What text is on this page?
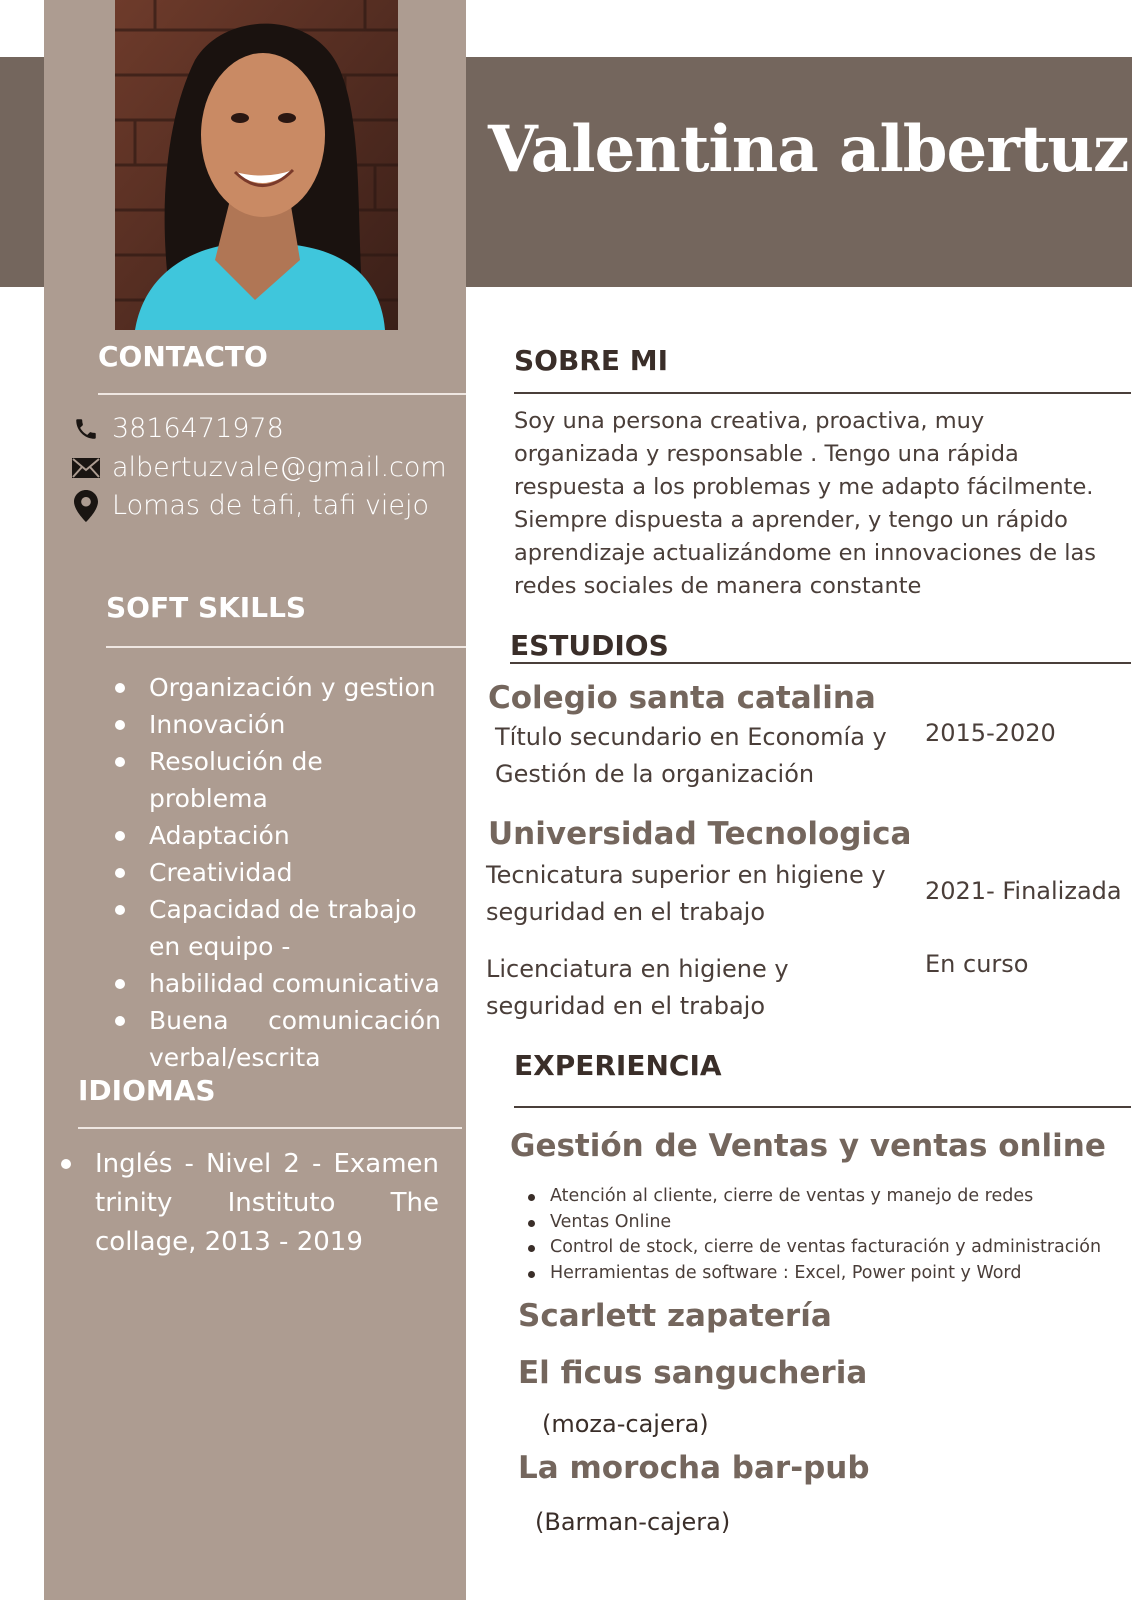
Valentina albertuz
CONTACTO
3816471978
albertuzvale@gmail.com
Lomas de tafi, tafi viejo
SOFT SKILLS
Organización y gestion
Innovación
Resolución de problema
Adaptación
Creatividad
Capacidad de trabajo en equipo -
habilidad comunicativa
Buena comunicación verbal/escrita
IDIOMAS
Inglés - Nivel 2 - Examen trinity Instituto The collage, 2013 - 2019
SOBRE MI
Soy una persona creativa, proactiva, muy organizada y responsable . Tengo una rápida respuesta a los problemas y me adapto fácilmente. Siempre dispuesta a aprender, y tengo un rápido aprendizaje actualizándome en innovaciones de las redes sociales de manera constante
ESTUDIOS
Colegio santa catalina
Título secundario en Economía y Gestión de la organización
2015-2020
Universidad Tecnologica
Tecnicatura superior en higiene y seguridad en el trabajo
2021- Finalizada
Licenciatura en higiene y seguridad en el trabajo
En curso
EXPERIENCIA
Gestión de Ventas y ventas online
Atención al cliente, cierre de ventas y manejo de redes
Ventas Online
Control de stock, cierre de ventas facturación y administración
Herramientas de software : Excel, Power point y Word
Scarlett zapatería
El ficus sangucheria
(moza-cajera)
La morocha bar-pub
(Barman-cajera)
